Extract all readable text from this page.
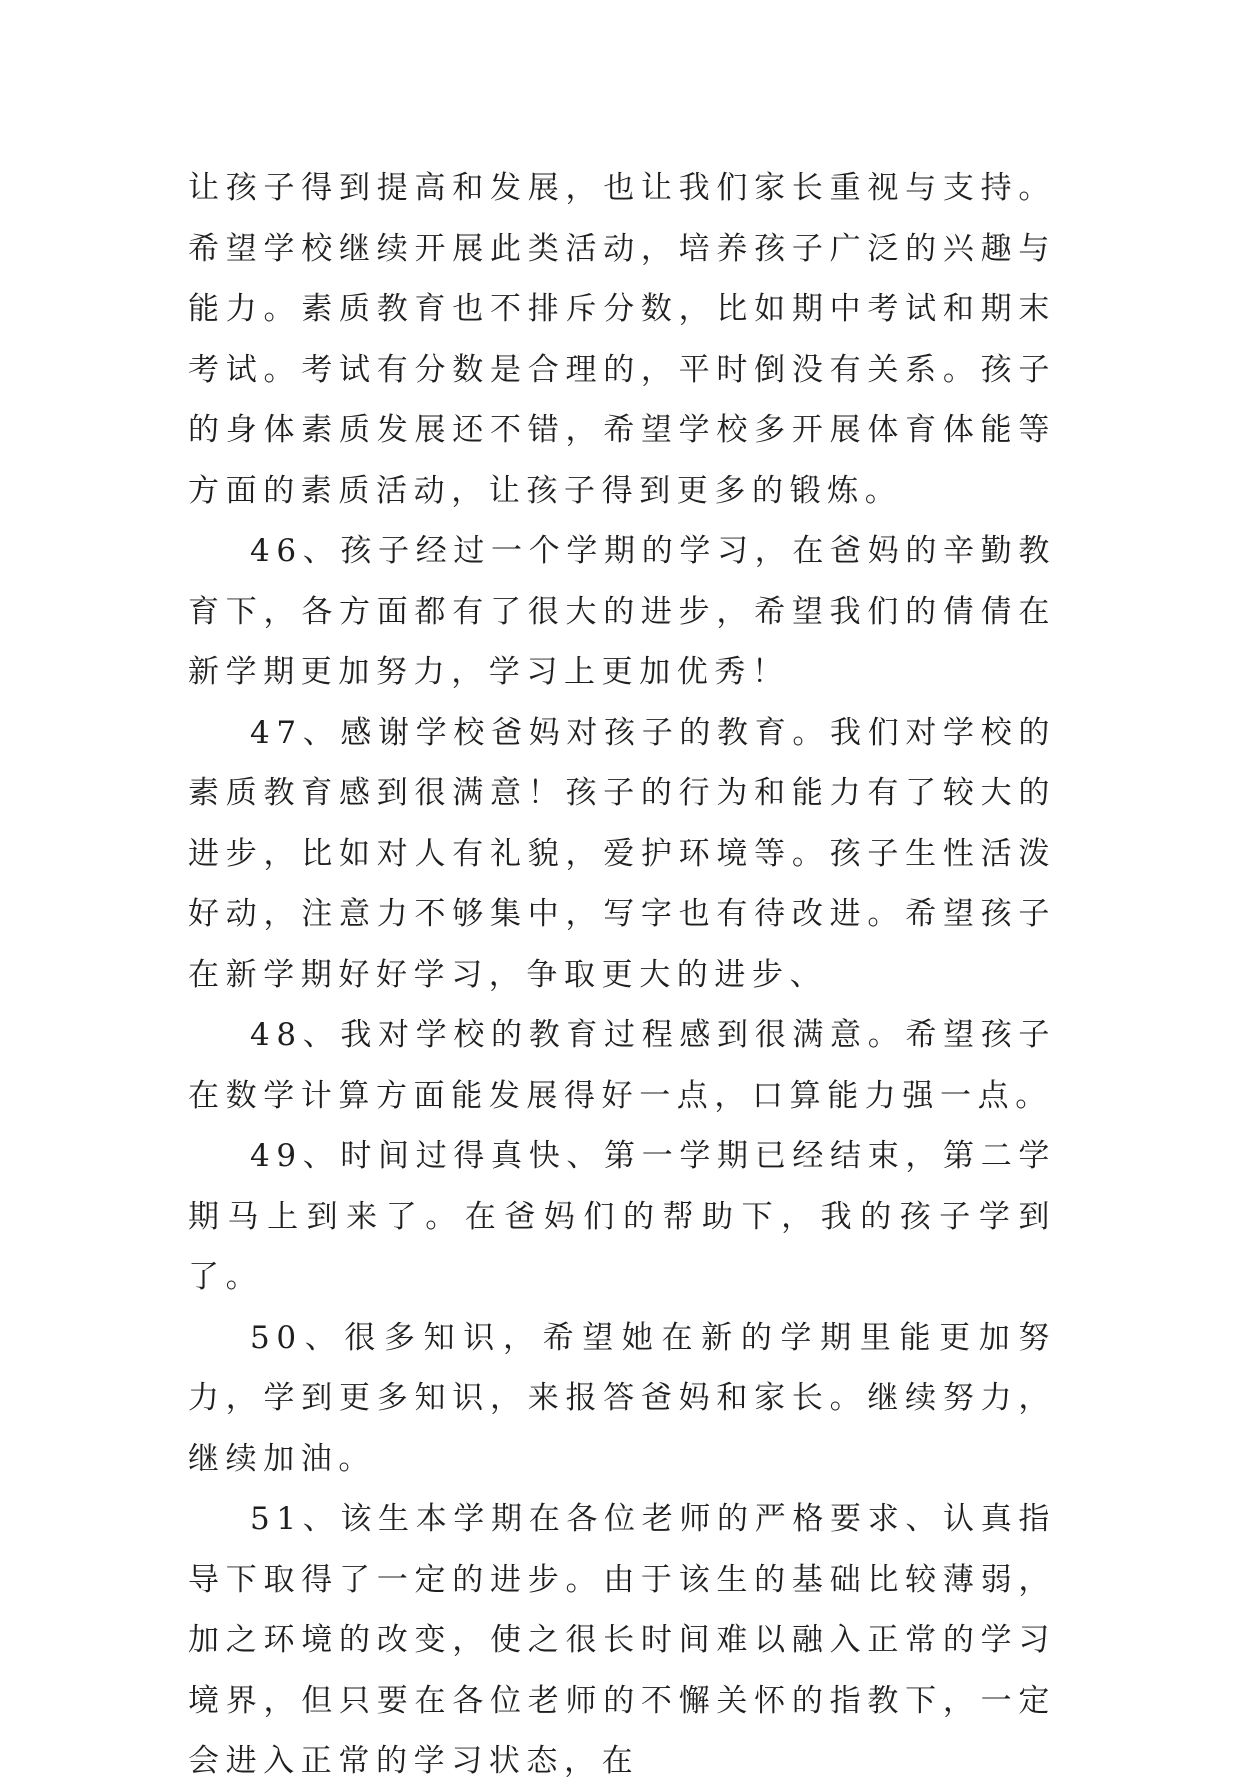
让孩子得到提高和发展，也让我们家长重视与支持。希望学校继续开展此类活动，培养孩子广泛的兴趣与能力。素质教育也不排斥分数，比如期中考试和期末考试。考试有分数是合理的，平时倒没有关系。孩子的身体素质发展还不错，希望学校多开展体育体能等方面的素质活动，让孩子得到更多的锻炼。

46、孩子经过一个学期的学习，在爸妈的辛勤教育下，各方面都有了很大的进步，希望我们的倩倩在新学期更加努力，学习上更加优秀！

47、感谢学校爸妈对孩子的教育。我们对学校的素质教育感到很满意！孩子的行为和能力有了较大的进步，比如对人有礼貌，爱护环境等。孩子生性活泼好动，注意力不够集中，写字也有待改进。希望孩子在新学期好好学习，争取更大的进步、

48、我对学校的教育过程感到很满意。希望孩子在数学计算方面能发展得好一点，口算能力强一点。

49、时间过得真快、第一学期已经结束，第二学期马上到来了。在爸妈们的帮助下，我的孩子学到了。

50、很多知识，希望她在新的学期里能更加努力，学到更多知识，来报答爸妈和家长。继续努力，继续加油。

51、该生本学期在各位老师的严格要求、认真指导下取得了一定的进步。由于该生的基础比较薄弱，加之环境的改变，使之很长时间难以融入正常的学习境界，但只要在各位老师的不懈关怀的指教下，一定会进入正常的学习状态，在
